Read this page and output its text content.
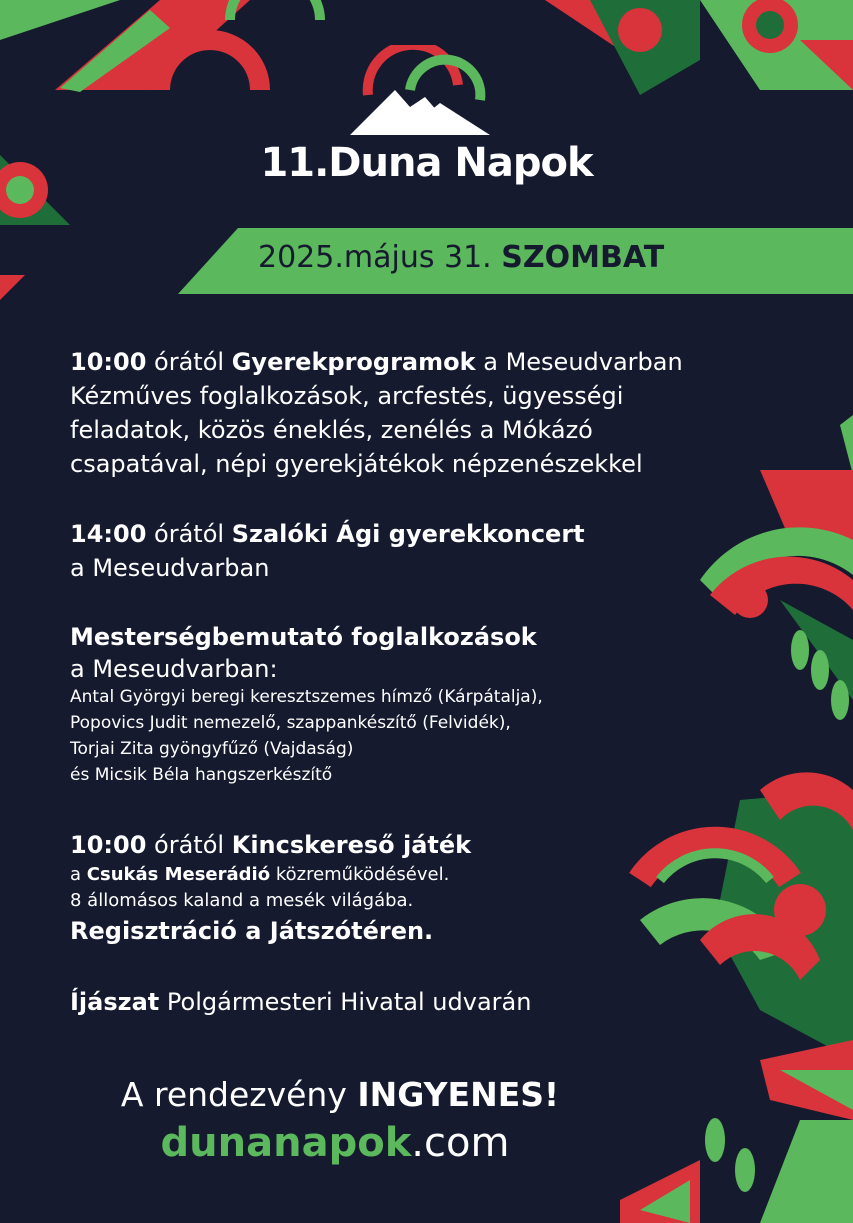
11.Duna Napok
2025.május 31. SZOMBAT
10:00 órától Gyerekprogramok a Meseudvarban
Kézműves foglalkozások, arcfestés, ügyességi
feladatok, közös éneklés, zenélés a Mókázó
csapatával, népi gyerekjátékok népzenészekkel
14:00 órától Szalóki Ági gyerekkoncert
a Meseudvarban
Mesterségbemutató foglalkozások
a Meseudvarban:
Antal Györgyi beregi keresztszemes hímző (Kárpátalja),
Popovics Judit nemezelő, szappankészítő (Felvidék),
Torjai Zita gyöngyfűző (Vajdaság)
és Micsik Béla hangszerkészítő
10:00 órától Kincskereső játék
a Csukás Meserádió közreműködésével.
8 állomásos kaland a mesék világába.
Regisztráció a Játszótéren.
Íjászat Polgármesteri Hivatal udvarán
A rendezvény INGYENES!
dunanapok.com
